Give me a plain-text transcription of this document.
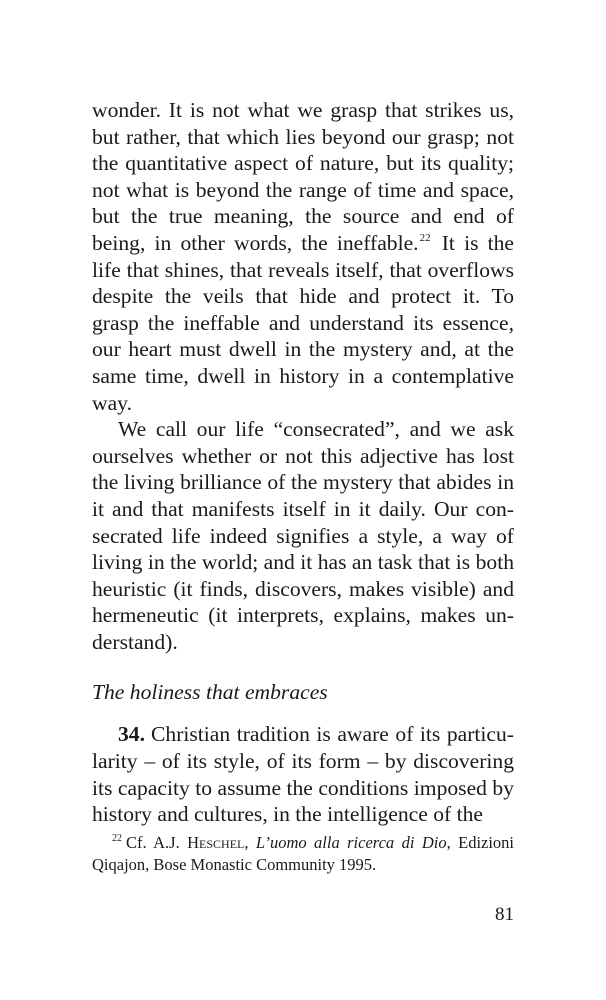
wonder. It is not what we grasp that strikes us, but rather, that which lies beyond our grasp; not the quantitative aspect of nature, but its quality; not what is beyond the range of time and space, but the true meaning, the source and end of being, in other words, the ineffable.$^{22}$ It is the life that shines, that reveals itself, that overflows despite the veils that hide and protect it. To grasp the ineffable and understand its essence, our heart must dwell in the mystery and, at the same time, dwell in history in a contemplative way.

We call our life “consecrated”, and we ask ourselves whether or not this adjective has lost the living brilliance of the mystery that abides in it and that manifests itself in it daily. Our consecrated life indeed signifies a style, a way of living in the world; and it has an task that is both heuristic (it finds, discovers, makes visible) and hermeneutic (it interprets, explains, makes understand).

The holiness that embraces

34. Christian tradition is aware of its particularity – of its style, of its form – by discovering its capacity to assume the conditions imposed by history and cultures, in the intelligence of the

$^{22}$ Cf. A.J. Heschel, L’uomo alla ricerca di Dio, Edizioni Qiqajon, Bose Monastic Community 1995.

81
